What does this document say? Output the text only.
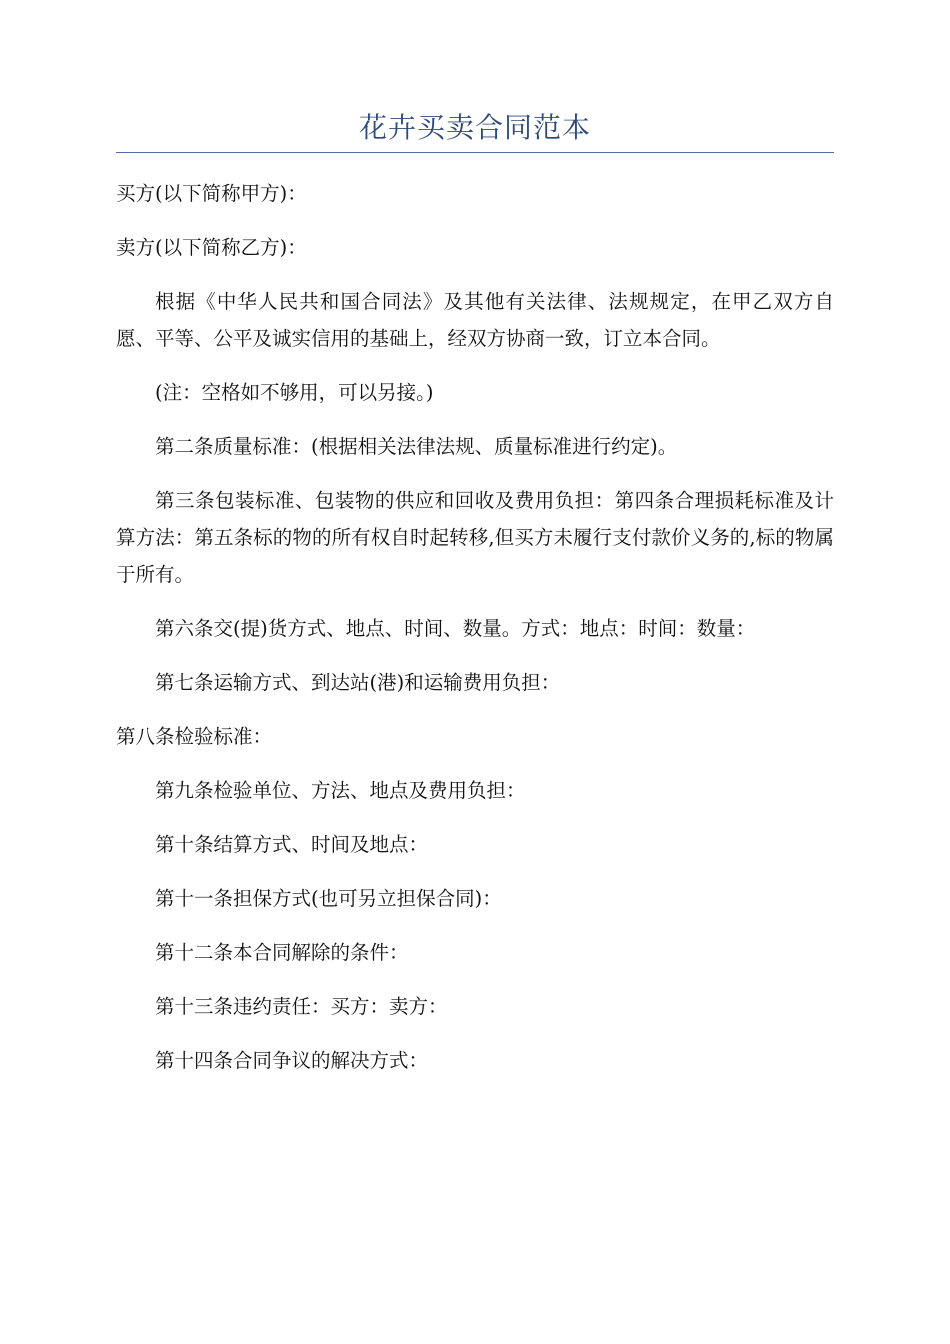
花卉买卖合同范本

买方(以下简称甲方)：

卖方(以下简称乙方)：

根据《中华人民共和国合同法》及其他有关法律、法规规定，在甲乙双方自愿、平等、公平及诚实信用的基础上，经双方协商一致，订立本合同。

(注：空格如不够用，可以另接。)

第二条质量标准：(根据相关法律法规、质量标准进行约定)。

第三条包装标准、包装物的供应和回收及费用负担：第四条合理损耗标准及计算方法：第五条标的物的所有权自时起转移,但买方未履行支付款价义务的,标的物属于所有。

第六条交(提)货方式、地点、时间、数量。方式：地点：时间：数量：

第七条运输方式、到达站(港)和运输费用负担：

第八条检验标准：

第九条检验单位、方法、地点及费用负担：

第十条结算方式、时间及地点：

第十一条担保方式(也可另立担保合同)：

第十二条本合同解除的条件：

第十三条违约责任：买方：卖方：

第十四条合同争议的解决方式：
